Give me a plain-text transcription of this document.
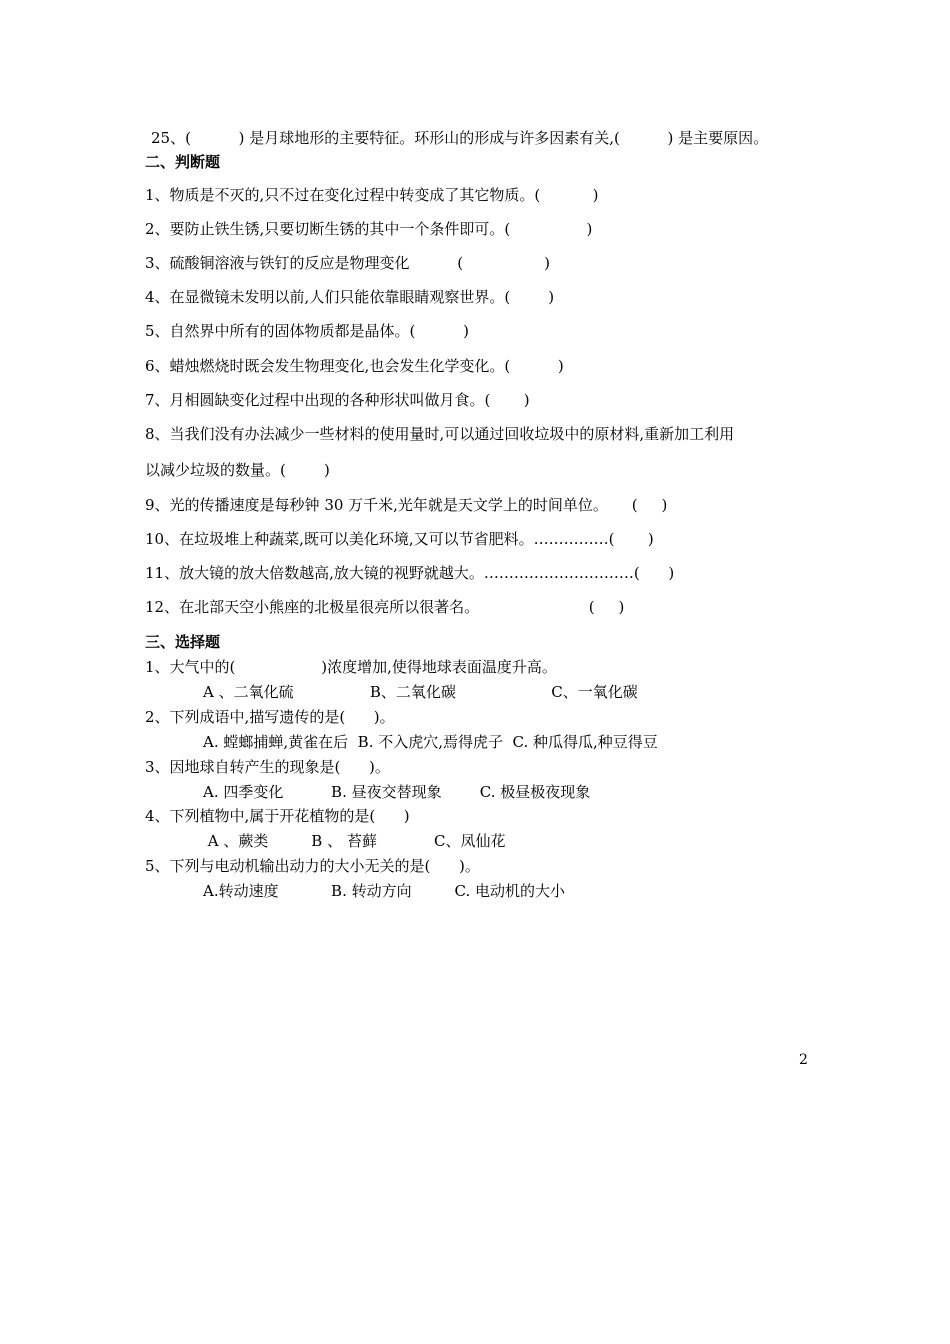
25、(          ) 是月球地形的主要特征。环形山的形成与许多因素有关,(          ) 是主要原因。
二、判断题
1、物质是不灭的,只不过在变化过程中转变成了其它物质。(           )
2、要防止铁生锈,只要切断生锈的其中一个条件即可。(                )
3、硫酸铜溶液与铁钉的反应是物理变化          (                 )
4、在显微镜未发明以前,人们只能依靠眼睛观察世界。(        )
5、自然界中所有的固体物质都是晶体。(          )
6、蜡烛燃烧时既会发生物理变化,也会发生化学变化。(          )
7、月相圆缺变化过程中出现的各种形状叫做月食。(       )
8、当我们没有办法减少一些材料的使用量时,可以通过回收垃圾中的原材料,重新加工利用
以减少垃圾的数量。(        )
9、光的传播速度是每秒钟 30 万千米,光年就是天文学上的时间单位。     (     )
10、在垃圾堆上种蔬菜,既可以美化环境,又可以节省肥料。……………(       )
11、放大镜的放大倍数越高,放大镜的视野就越大。…………………………(      )
12、在北部天空小熊座的北极星很亮所以很著名。                       (     )
三、选择题
1、大气中的(                  )浓度增加,使得地球表面温度升高。
A 、二氧化硫                B、二氧化碳                    C、一氧化碳
2、下列成语中,描写遗传的是(      )。
A. 螳螂捕蝉,黄雀在后  B. 不入虎穴,焉得虎子  C. 种瓜得瓜,种豆得豆
3、因地球自转产生的现象是(      )。
A. 四季变化          B. 昼夜交替现象        C. 极昼极夜现象
4、下列植物中,属于开花植物的是(      )
A 、蕨类         B 、 苔藓            C、凤仙花
5、下列与电动机输出动力的大小无关的是(      )。
A.转动速度           B. 转动方向         C. 电动机的大小
2
